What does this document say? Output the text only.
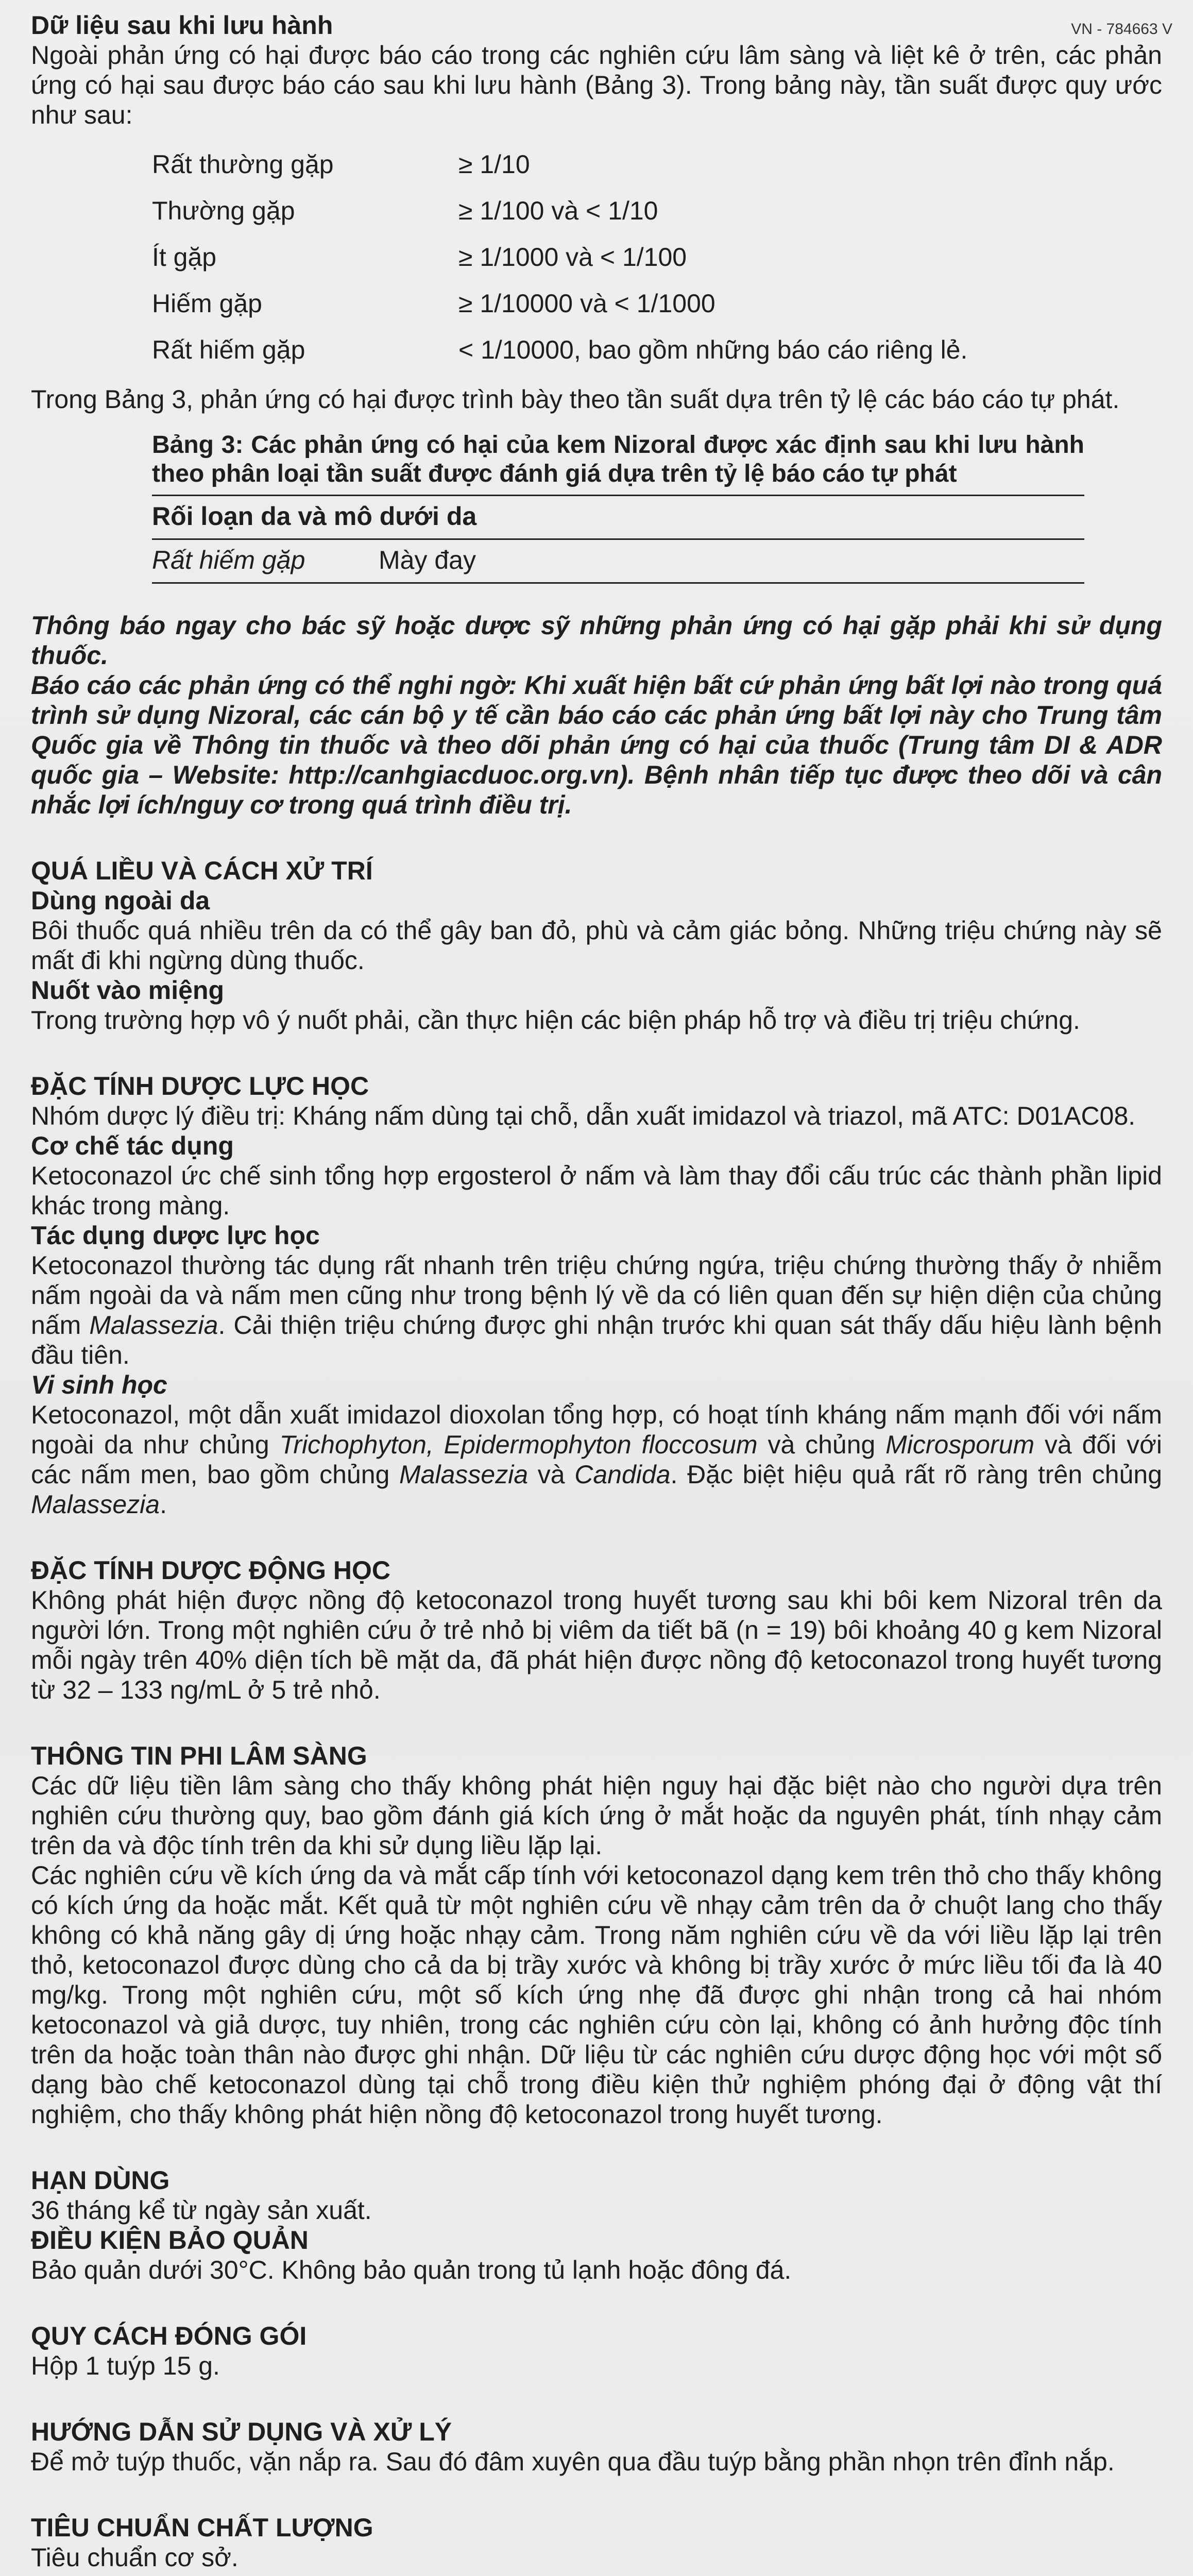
VN - 784663 V

Dữ liệu sau khi lưu hành

Ngoài phản ứng có hại được báo cáo trong các nghiên cứu lâm sàng và liệt kê ở trên, các phản ứng có hại sau được báo cáo sau khi lưu hành (Bảng 3). Trong bảng này, tần suất được quy ước như sau:

Rất thường gặp	≥ 1/10
Thường gặp	≥ 1/100 và < 1/10
Ít gặp	≥ 1/1000 và < 1/100
Hiếm gặp	≥ 1/10000 và < 1/1000
Rất hiếm gặp	< 1/10000, bao gồm những báo cáo riêng lẻ.

Trong Bảng 3, phản ứng có hại được trình bày theo tần suất dựa trên tỷ lệ các báo cáo tự phát.

Bảng 3: Các phản ứng có hại của kem Nizoral được xác định sau khi lưu hành theo phân loại tần suất được đánh giá dựa trên tỷ lệ báo cáo tự phát
Rối loạn da và mô dưới da
Rất hiếm gặp	Mày đay

Thông báo ngay cho bác sỹ hoặc dược sỹ những phản ứng có hại gặp phải khi sử dụng thuốc.

Báo cáo các phản ứng có thể nghi ngờ: Khi xuất hiện bất cứ phản ứng bất lợi nào trong quá trình sử dụng Nizoral, các cán bộ y tế cần báo cáo các phản ứng bất lợi này cho Trung tâm Quốc gia về Thông tin thuốc và theo dõi phản ứng có hại của thuốc (Trung tâm DI & ADR quốc gia – Website: http://canhgiacduoc.org.vn). Bệnh nhân tiếp tục được theo dõi và cân nhắc lợi ích/nguy cơ trong quá trình điều trị.

QUÁ LIỀU VÀ CÁCH XỬ TRÍ

Dùng ngoài da

Bôi thuốc quá nhiều trên da có thể gây ban đỏ, phù và cảm giác bỏng. Những triệu chứng này sẽ mất đi khi ngừng dùng thuốc.

Nuốt vào miệng

Trong trường hợp vô ý nuốt phải, cần thực hiện các biện pháp hỗ trợ và điều trị triệu chứng.

ĐẶC TÍNH DƯỢC LỰC HỌC

Nhóm dược lý điều trị: Kháng nấm dùng tại chỗ, dẫn xuất imidazol và triazol, mã ATC: D01AC08.

Cơ chế tác dụng

Ketoconazol ức chế sinh tổng hợp ergosterol ở nấm và làm thay đổi cấu trúc các thành phần lipid khác trong màng.

Tác dụng dược lực học

Ketoconazol thường tác dụng rất nhanh trên triệu chứng ngứa, triệu chứng thường thấy ở nhiễm nấm ngoài da và nấm men cũng như trong bệnh lý về da có liên quan đến sự hiện diện của chủng nấm Malassezia. Cải thiện triệu chứng được ghi nhận trước khi quan sát thấy dấu hiệu lành bệnh đầu tiên.

Vi sinh học

Ketoconazol, một dẫn xuất imidazol dioxolan tổng hợp, có hoạt tính kháng nấm mạnh đối với nấm ngoài da như chủng Trichophyton, Epidermophyton floccosum và chủng Microsporum và đối với các nấm men, bao gồm chủng Malassezia và Candida. Đặc biệt hiệu quả rất rõ ràng trên chủng Malassezia.

ĐẶC TÍNH DƯỢC ĐỘNG HỌC

Không phát hiện được nồng độ ketoconazol trong huyết tương sau khi bôi kem Nizoral trên da người lớn. Trong một nghiên cứu ở trẻ nhỏ bị viêm da tiết bã (n = 19) bôi khoảng 40 g kem Nizoral mỗi ngày trên 40% diện tích bề mặt da, đã phát hiện được nồng độ ketoconazol trong huyết tương từ 32 – 133 ng/mL ở 5 trẻ nhỏ.

THÔNG TIN PHI LÂM SÀNG

Các dữ liệu tiền lâm sàng cho thấy không phát hiện nguy hại đặc biệt nào cho người dựa trên nghiên cứu thường quy, bao gồm đánh giá kích ứng ở mắt hoặc da nguyên phát, tính nhạy cảm trên da và độc tính trên da khi sử dụng liều lặp lại.

Các nghiên cứu về kích ứng da và mắt cấp tính với ketoconazol dạng kem trên thỏ cho thấy không có kích ứng da hoặc mắt. Kết quả từ một nghiên cứu về nhạy cảm trên da ở chuột lang cho thấy không có khả năng gây dị ứng hoặc nhạy cảm. Trong năm nghiên cứu về da với liều lặp lại trên thỏ, ketoconazol được dùng cho cả da bị trầy xước và không bị trầy xước ở mức liều tối đa là 40 mg/kg. Trong một nghiên cứu, một số kích ứng nhẹ đã được ghi nhận trong cả hai nhóm ketoconazol và giả dược, tuy nhiên, trong các nghiên cứu còn lại, không có ảnh hưởng độc tính trên da hoặc toàn thân nào được ghi nhận. Dữ liệu từ các nghiên cứu dược động học với một số dạng bào chế ketoconazol dùng tại chỗ trong điều kiện thử nghiệm phóng đại ở động vật thí nghiệm, cho thấy không phát hiện nồng độ ketoconazol trong huyết tương.

HẠN DÙNG

36 tháng kể từ ngày sản xuất.

ĐIỀU KIỆN BẢO QUẢN

Bảo quản dưới 30°C. Không bảo quản trong tủ lạnh hoặc đông đá.

QUY CÁCH ĐÓNG GÓI

Hộp 1 tuýp 15 g.

HƯỚNG DẪN SỬ DỤNG VÀ XỬ LÝ

Để mở tuýp thuốc, vặn nắp ra. Sau đó đâm xuyên qua đầu tuýp bằng phần nhọn trên đỉnh nắp.

TIÊU CHUẨN CHẤT LƯỢNG

Tiêu chuẩn cơ sở.
